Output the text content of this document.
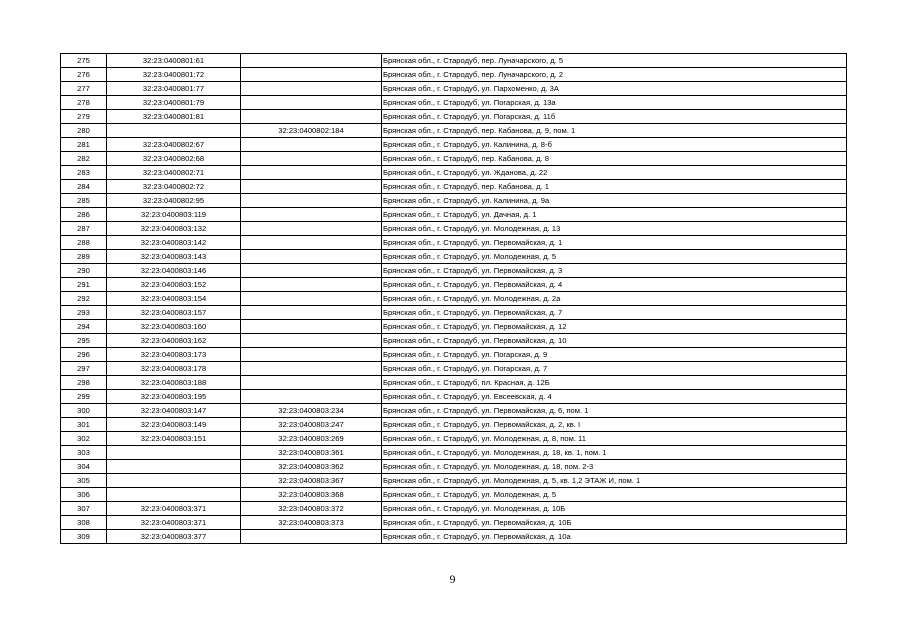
275	32:23:0400801:61		Брянская обл., г. Стародуб, пер. Луначарского, д. 5
276	32:23:0400801:72		Брянская обл., г. Стародуб, пер. Луначарского, д. 2
277	32:23:0400801:77		Брянская обл., г. Стародуб, ул. Пархоменко, д. 3А
278	32:23:0400801:79		Брянская обл., г. Стародуб, ул. Погарская, д. 13а
279	32:23:0400801:81		Брянская обл., г. Стародуб, ул. Погарская, д. 11б
280		32:23:0400802:184	Брянская обл., г. Стародуб, пер. Кабанова, д. 9, пом. 1
281	32:23:0400802:67		Брянская обл., г. Стародуб, ул. Калинина, д. 8-б
282	32:23:0400802:68		Брянская обл., г. Стародуб, пер. Кабанова, д. 8
283	32:23:0400802:71		Брянская обл., г. Стародуб, ул. Жданова, д. 22
284	32:23:0400802:72		Брянская обл., г. Стародуб, пер. Кабанова, д. 1
285	32:23:0400802:95		Брянская обл., г. Стародуб, ул. Калинина, д. 9а
286	32:23:0400803:119		Брянская обл., г. Стародуб, ул. Дачная, д. 1
287	32:23:0400803:132		Брянская обл., г. Стародуб, ул. Молодежная, д. 13
288	32:23:0400803:142		Брянская обл., г. Стародуб, ул. Первомайская, д. 1
289	32:23:0400803:143		Брянская обл., г. Стародуб, ул. Молодежная, д. 5
290	32:23:0400803:146		Брянская обл., г. Стародуб, ул. Первомайская, д. 3
291	32:23:0400803:152		Брянская обл., г. Стародуб, ул. Первомайская, д. 4
292	32:23:0400803:154		Брянская обл., г. Стародуб, ул. Молодежная, д. 2а
293	32:23:0400803:157		Брянская обл., г. Стародуб, ул. Первомайская, д. 7
294	32:23:0400803:160		Брянская обл., г. Стародуб, ул. Первомайская, д. 12
295	32:23:0400803:162		Брянская обл., г. Стародуб, ул. Первомайская, д. 10
296	32:23:0400803:173		Брянская обл., г. Стародуб, ул. Погарская, д. 9
297	32:23:0400803:178		Брянская обл., г. Стародуб, ул. Погарская, д. 7
298	32:23:0400803:188		Брянская обл., г. Стародуб, пл. Красная, д. 12Б
299	32:23:0400803:195		Брянская обл., г. Стародуб, ул. Евсеевская, д. 4
300	32:23:0400803:147	32:23:0400803:234	Брянская обл., г. Стародуб, ул. Первомайская, д. 6, пом. 1
301	32:23:0400803:149	32:23:0400803:247	Брянская обл., г. Стародуб, ул. Первомайская, д. 2, кв. I
302	32:23:0400803:151	32:23:0400803:269	Брянская обл., г. Стародуб, ул. Молодежная, д. 8, пом. 11
303		32:23:0400803:361	Брянская обл., г. Стародуб, ул. Молодежная, д. 18, кв. 1, пом. 1
304		32:23:0400803:362	Брянская обл., г. Стародуб, ул. Молодежная, д. 18, пом. 2-3
305		32:23:0400803:367	Брянская обл., г. Стародуб, ул. Молодежная, д. 5, кв. 1,2 ЭТАЖ И, пом. 1
306		32:23:0400803:368	Брянская обл., г. Стародуб, ул. Молодежная, д. 5
307	32:23:0400803:371	32:23:0400803:372	Брянская обл., г. Стародуб, ул. Молодежная, д. 10Б
308	32:23:0400803:371	32:23:0400803:373	Брянская обл., г. Стародуб, ул. Первомайская, д. 10Б
309	32:23:0400803:377		Брянская обл., г. Стародуб, ул. Первомайская, д. 10а
9
